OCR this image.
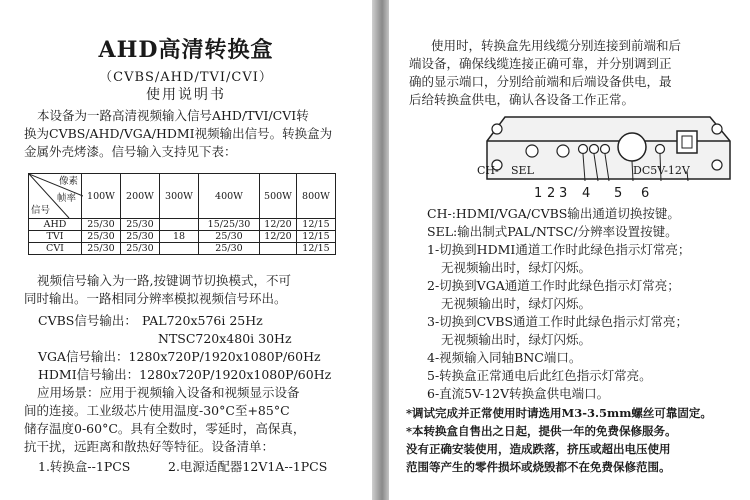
AHD高清转换盒
（CVBS/AHD/TVI/CVI）
使用说明书
本设备为一路高清视频输入信号AHD/TVI/CVI转
换为CVBS/AHD/VGA/HDMI视频输出信号。转换盒为
金属外壳烤漆。信号输入支持见下表：
像素
帧率
信号	100W	200W	300W	400W	500W	800W
AHD	25/30	25/30		15/25/30	12/20	12/15
TVI	25/30	25/30	18	25/30	12/20	12/15
CVI	25/30	25/30		25/30		12/15
视频信号输入为一路,按键调节切换模式，不可
同时输出。一路相同分辨率模拟视频信号环出。
CVBS信号输出： PAL720x576i 25Hz
NTSC720x480i 30Hz
VGA信号输出：1280x720P/1920x1080P/60Hz
HDMI信号输出：1280x720P/1920x1080P/60Hz
应用场景：应用于视频输入设备和视频显示设备
间的连接。工业级芯片使用温度-30°C至+85°C
储存温度0-60°C。具有全数时，零延时，高保真，
抗干扰，远距离和散热好等特征。设备清单：
1.转换盒--1PCS	2.电源适配器12V1A--1PCS
使用时，转换盒先用线缆分别连接到前端和后
端设备，确保线缆连接正确可靠，并分别调到正
确的显示端口，分别给前端和后端设备供电，最
后给转换盒供电，确认各设备工作正常。
CH- SEL	DC5V-12V
1 2 3 4 5 6
CH-:HDMI/VGA/CVBS输出通道切换按键。
SEL:输出制式PAL/NTSC/分辨率设置按键。
1-切换到HDMI通道工作时此绿色指示灯常亮；
无视频输出时，绿灯闪烁。
2-切换到VGA通道工作时此绿色指示灯常亮；
无视频输出时，绿灯闪烁。
3-切换到CVBS通道工作时此绿色指示灯常亮；
无视频输出时，绿灯闪烁。
4-视频输入同轴BNC端口。
5-转换盒正常通电后此红色指示灯常亮。
6-直流5V-12V转换盒供电端口。
*调试完成并正常使用时请选用M3-3.5mm螺丝可靠固定。
*本转换盒自售出之日起，提供一年的免费保修服务。
没有正确安装使用，造成跌落，挤压或超出电压使用
范围等产生的零件损坏或烧毁都不在免费保修范围。
